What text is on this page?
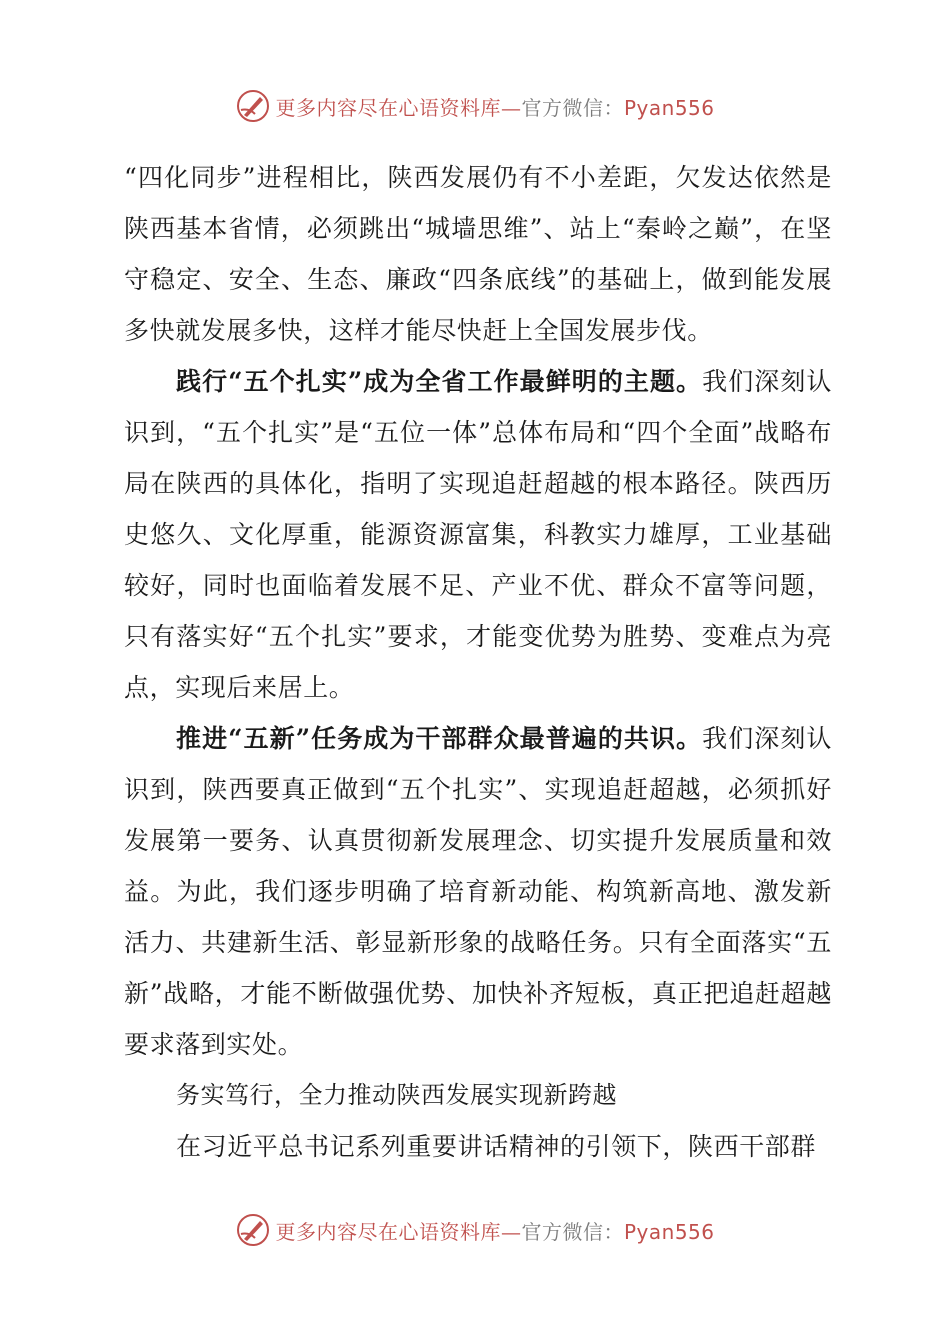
更多内容尽在心语资料库—官方微信：Pyan556

“四化同步”进程相比，陕西发展仍有不小差距，欠发达依然是陕西基本省情，必须跳出“城墙思维”、站上“秦岭之巅”，在坚守稳定、安全、生态、廉政“四条底线”的基础上，做到能发展多快就发展多快，这样才能尽快赶上全国发展步伐。

践行“五个扎实”成为全省工作最鲜明的主题。我们深刻认识到，“五个扎实”是“五位一体”总体布局和“四个全面”战略布局在陕西的具体化，指明了实现追赶超越的根本路径。陕西历史悠久、文化厚重，能源资源富集，科教实力雄厚，工业基础较好，同时也面临着发展不足、产业不优、群众不富等问题，只有落实好“五个扎实”要求，才能变优势为胜势、变难点为亮点，实现后来居上。

推进“五新”任务成为干部群众最普遍的共识。我们深刻认识到，陕西要真正做到“五个扎实”、实现追赶超越，必须抓好发展第一要务、认真贯彻新发展理念、切实提升发展质量和效益。为此，我们逐步明确了培育新动能、构筑新高地、激发新活力、共建新生活、彰显新形象的战略任务。只有全面落实“五新”战略，才能不断做强优势、加快补齐短板，真正把追赶超越要求落到实处。

务实笃行，全力推动陕西发展实现新跨越

在习近平总书记系列重要讲话精神的引领下，陕西干部群

更多内容尽在心语资料库—官方微信：Pyan556
